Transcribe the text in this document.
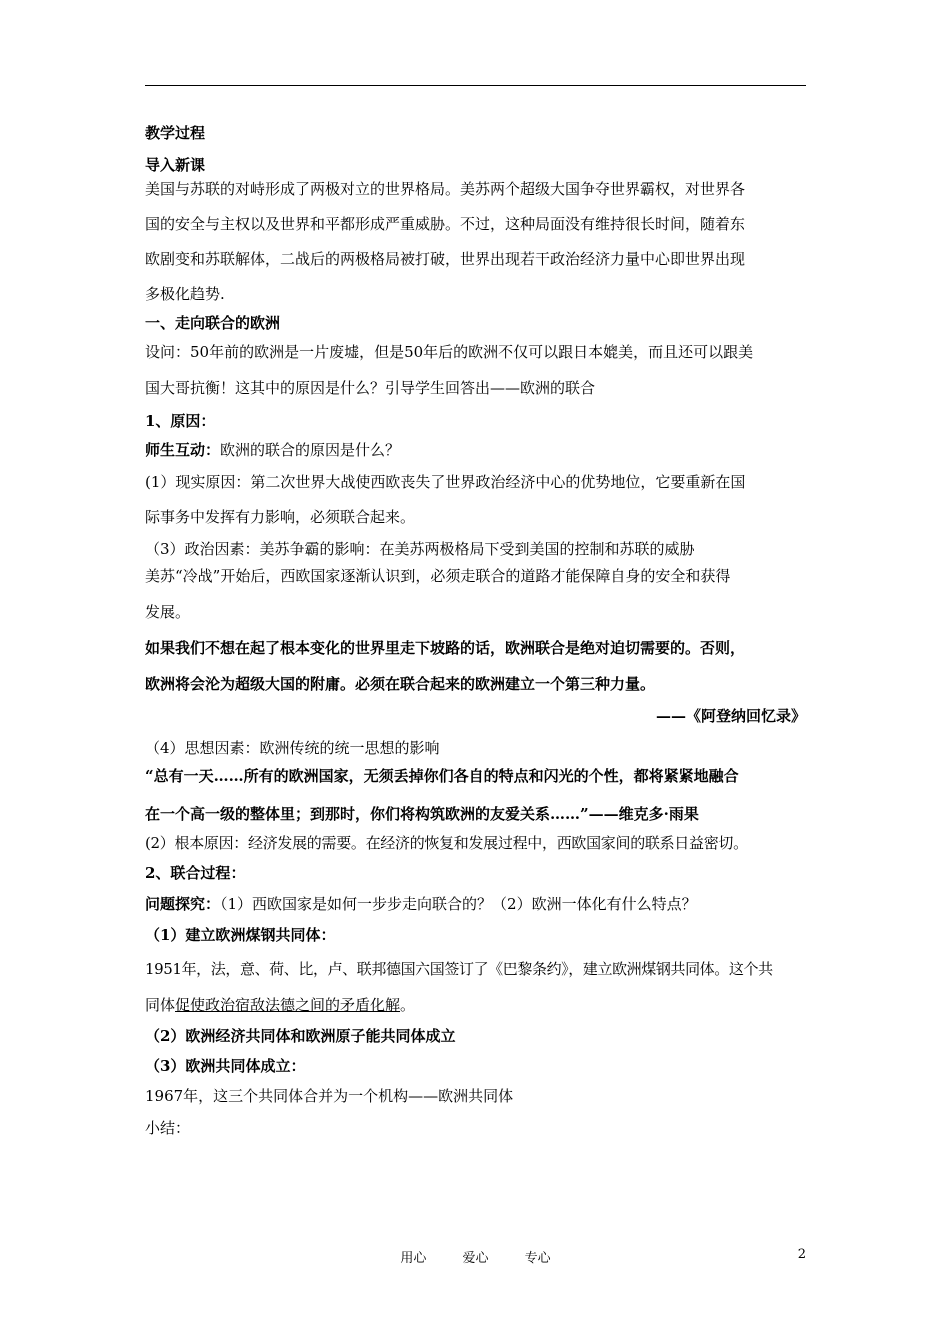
教学过程
导入新课
美国与苏联的对峙形成了两极对立的世界格局。美苏两个超级大国争夺世界霸权，对世界各
国的安全与主权以及世界和平都形成严重威胁。不过，这种局面没有维持很长时间，随着东
欧剧变和苏联解体，二战后的两极格局被打破，世界出现若干政治经济力量中心即世界出现
多极化趋势.
一、走向联合的欧洲
设问：50年前的欧洲是一片废墟，但是50年后的欧洲不仅可以跟日本媲美，而且还可以跟美
国大哥抗衡！这其中的原因是什么？引导学生回答出——欧洲的联合
1、原因：
师生互动：欧洲的联合的原因是什么？
(1）现实原因：第二次世界大战使西欧丧失了世界政治经济中心的优势地位，它要重新在国
际事务中发挥有力影响，必须联合起来。
（3）政治因素：美苏争霸的影响：在美苏两极格局下受到美国的控制和苏联的威胁
美苏“冷战”开始后，西欧国家逐渐认识到，必须走联合的道路才能保障自身的安全和获得
发展。
如果我们不想在起了根本变化的世界里走下坡路的话，欧洲联合是绝对迫切需要的。否则，
欧洲将会沦为超级大国的附庸。必须在联合起来的欧洲建立一个第三种力量。
——《阿登纳回忆录》
（4）思想因素：欧洲传统的统一思想的影响
“总有一天……所有的欧洲国家，无须丢掉你们各自的特点和闪光的个性，都将紧紧地融合
在一个高一级的整体里；到那时，你们将构筑欧洲的友爱关系……”——维克多·雨果
(2）根本原因：经济发展的需要。在经济的恢复和发展过程中，西欧国家间的联系日益密切。
2、联合过程：
问题探究：（1）西欧国家是如何一步步走向联合的？（2）欧洲一体化有什么特点？
（1）建立欧洲煤钢共同体：
1951年，法，意、荷、比，卢、联邦德国六国签订了《巴黎条约》，建立欧洲煤钢共同体。这个共
同体促使政治宿敌法德之间的矛盾化解。
（2）欧洲经济共同体和欧洲原子能共同体成立
（3）欧洲共同体成立：
1967年，这三个共同体合并为一个机构——欧洲共同体
小结：
用心	爱心	专心	2
